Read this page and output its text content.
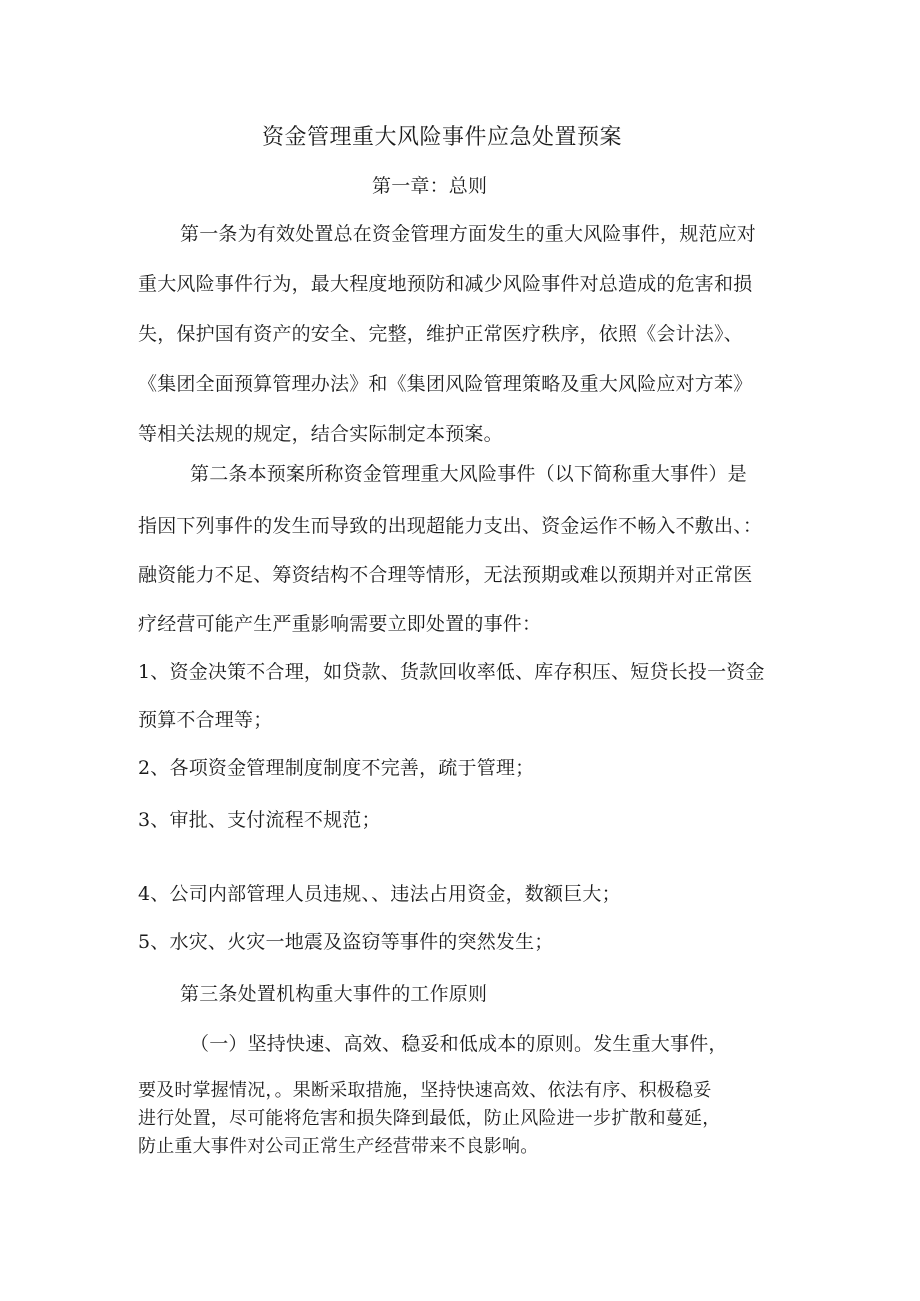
资金管理重大风险事件应急处置预案
第一章：总则
第一条为有效处置总在资金管理方面发生的重大风险事件，规范应对
重大风险事件行为，最大程度地预防和减少风险事件对总造成的危害和损
失，保护国有资产的安全、完整，维护正常医疗秩序，依照《会计法》、
《集团全面预算管理办法》和《集团风险管理策略及重大风险应对方苯》
等相关法规的规定，结合实际制定本预案。
第二条本预案所称资金管理重大风险事件（以下简称重大事件）是
指因下列事件的发生而导致的出现超能力支出、资金运作不畅入不敷出、：
融资能力不足、筹资结构不合理等情形，无法预期或难以预期并对正常医
疗经营可能产生严重影响需要立即处置的事件：
1、资金决策不合理，如贷款、货款回收率低、库存积压、短贷长投一资金
预算不合理等；
2、各项资金管理制度制度不完善，疏于管理；
3、审批、支付流程不规范；
4、公司内部管理人员违规、、违法占用资金，数额巨大；
5、水灾、火灾一地震及盗窃等事件的突然发生；
第三条处置机构重大事件的工作原则
（一）坚持快速、高效、稳妥和低成本的原则。发生重大事件，
要及时掌握情况，。果断采取措施，坚持快速高效、依法有序、积极稳妥
进行处置，尽可能将危害和损失降到最低，防止风险进一步扩散和蔓延，
防止重大事件对公司正常生产经营带来不良影响。
